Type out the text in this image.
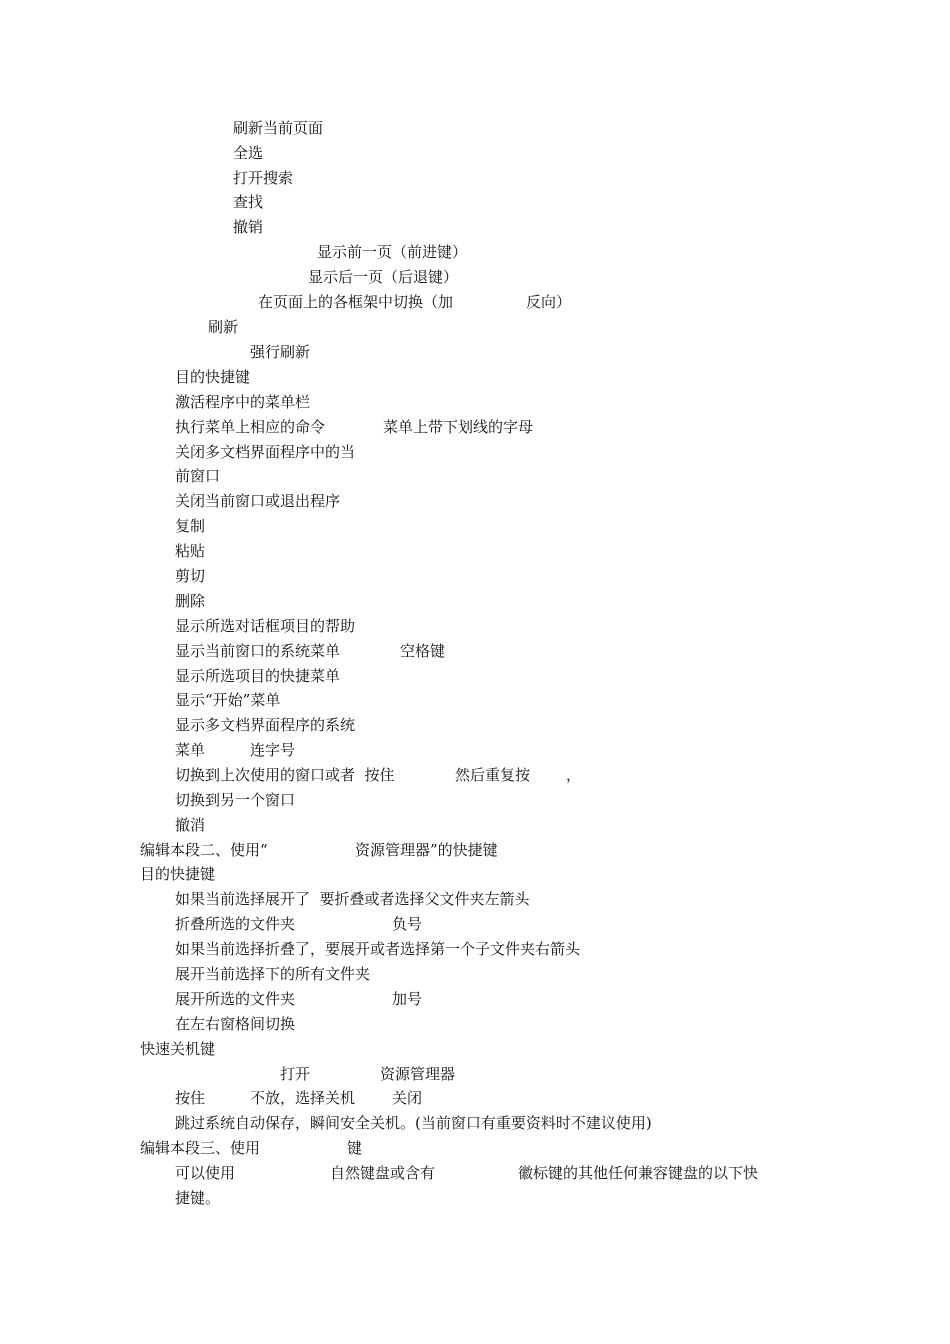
刷新当前页面
全选
打开搜索
查找
撤销
显示前一页（前进键）
显示后一页（后退键）
在页面上的各框架中切换（加	反向）
刷新
强行刷新
目的快捷键
激活程序中的菜单栏
执行菜单上相应的命令	菜单上带下划线的字母
关闭多文档界面程序中的当
前窗口
关闭当前窗口或退出程序
复制
粘贴
剪切
删除
显示所选对话框项目的帮助
显示当前窗口的系统菜单	空格键
显示所选项目的快捷菜单
显示“开始”菜单
显示多文档界面程序的系统
菜单	连字号
切换到上次使用的窗口或者  按住	然后重复按 ，
切换到另一个窗口
撤消
编辑本段二、使用“	资源管理器”的快捷键
目的快捷键
如果当前选择展开了  要折叠或者选择父文件夹左箭头
折叠所选的文件夹	负号
如果当前选择折叠了，要展开或者选择第一个子文件夹右箭头
展开当前选择下的所有文件夹
展开所选的文件夹	加号
在左右窗格间切换
快速关机键
打开	资源管理器
按住	不放，选择关机 关闭
跳过系统自动保存，瞬间安全关机。(当前窗口有重要资料时不建议使用)
编辑本段三、使用	键
可以使用	自然键盘或含有	徽标键的其他任何兼容键盘的以下快
捷键。
